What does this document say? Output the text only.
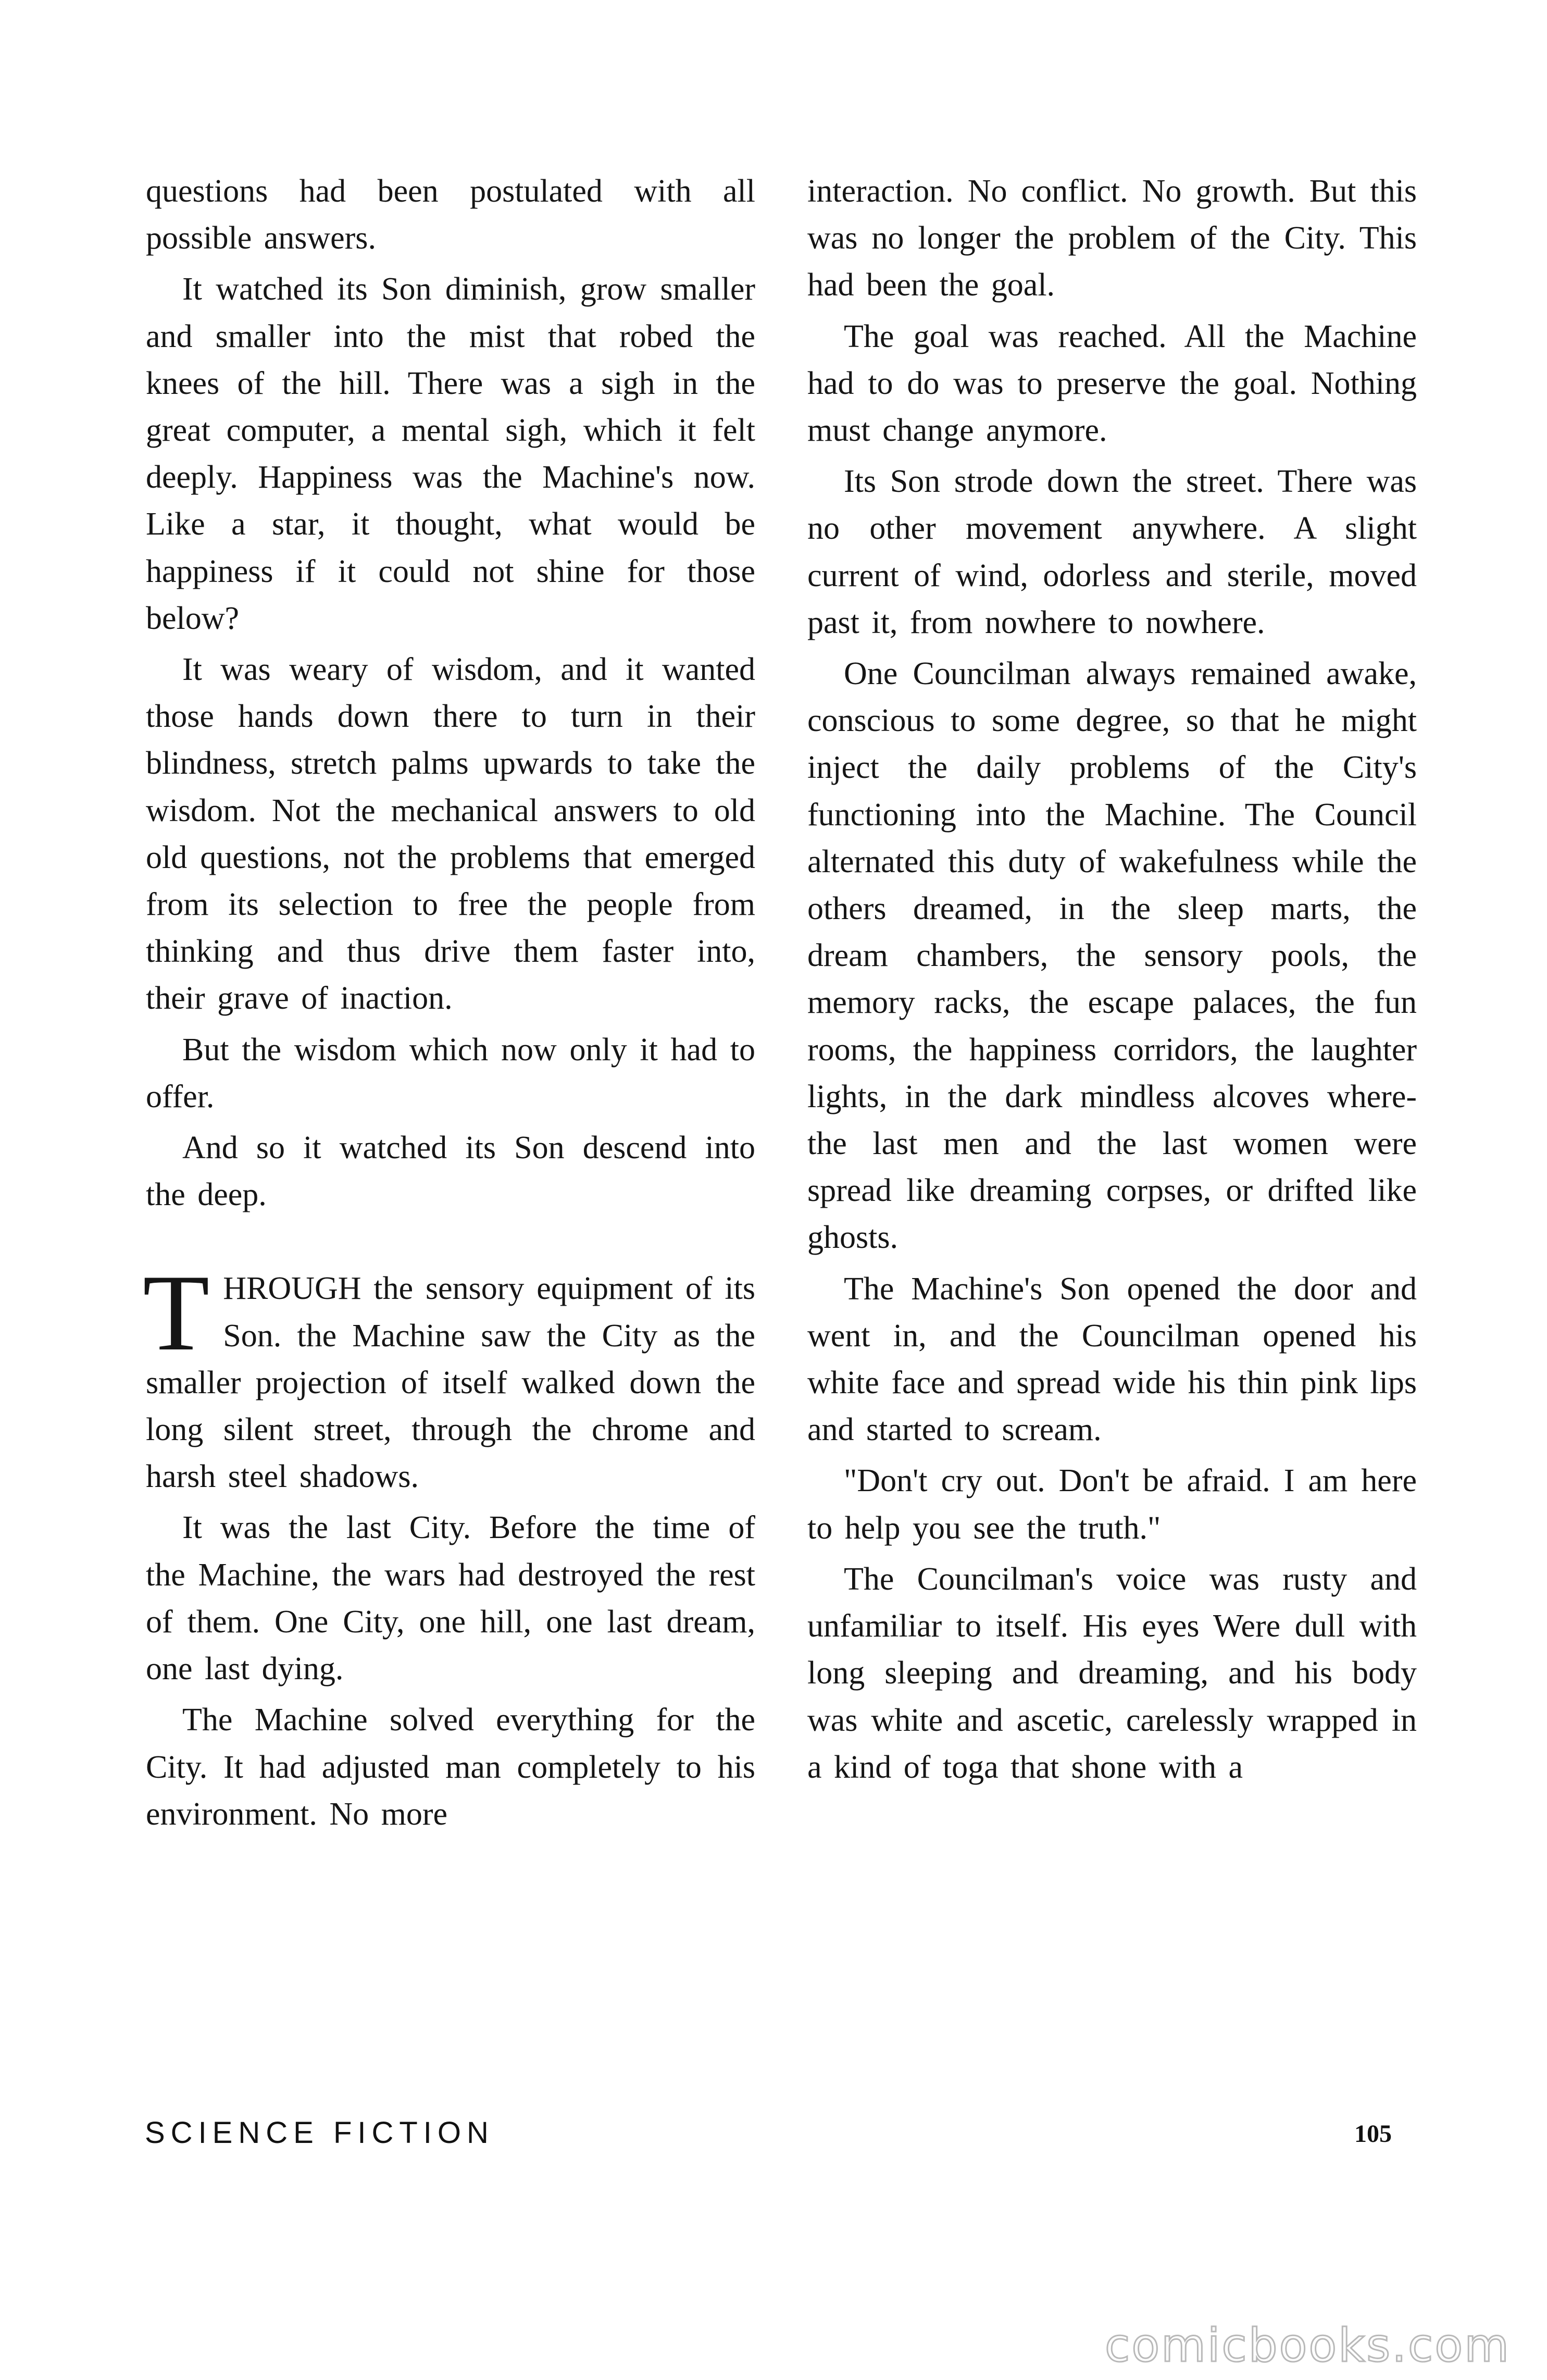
questions had been postulated with all possible answers.

It watched its Son diminish, grow smaller and smaller into the mist that robed the knees of the hill. There was a sigh in the great computer, a mental sigh, which it felt deeply. Happiness was the Machine's now. Like a star, it thought, what would be happiness if it could not shine for those below?

It was weary of wisdom, and it wanted those hands down there to turn in their blindness, stretch palms upwards to take the wisdom. Not the mechanical answers to old old questions, not the problems that emerged from its selection to free the people from thinking and thus drive them faster into, their grave of inaction.

But the wisdom which now only it had to offer.

And so it watched its Son descend into the deep.

THROUGH the sensory equipment of its Son. the Machine saw the City as the smaller projection of itself walked down the long silent street, through the chrome and harsh steel shadows.

It was the last City. Before the time of the Machine, the wars had destroyed the rest of them. One City, one hill, one last dream, one last dying.

The Machine solved everything for the City. It had adjusted man completely to his environment. No more

interaction. No conflict. No growth. But this was no longer the problem of the City. This had been the goal.

The goal was reached. All the Machine had to do was to preserve the goal. Nothing must change anymore.

Its Son strode down the street. There was no other movement anywhere. A slight current of wind, odorless and sterile, moved past it, from nowhere to nowhere.

One Councilman always remained awake, conscious to some degree, so that he might inject the daily problems of the City's functioning into the Machine. The Council alternated this duty of wakefulness while the others dreamed, in the sleep marts, the dream chambers, the sensory pools, the memory racks, the escape palaces, the fun rooms, the happiness corridors, the laughter lights, in the dark mindless alcoves where- the last men and the last women were spread like dreaming corpses, or drifted like ghosts.

The Machine's Son opened the door and went in, and the Councilman opened his white face and spread wide his thin pink lips and started to scream.

"Don't cry out. Don't be afraid. I am here to help you see the truth."

The Councilman's voice was rusty and unfamiliar to itself. His eyes Were dull with long sleeping and dreaming, and his body was white and ascetic, carelessly wrapped in a kind of toga that shone with a

SCIENCE FICTION	105
comicbooks.com
